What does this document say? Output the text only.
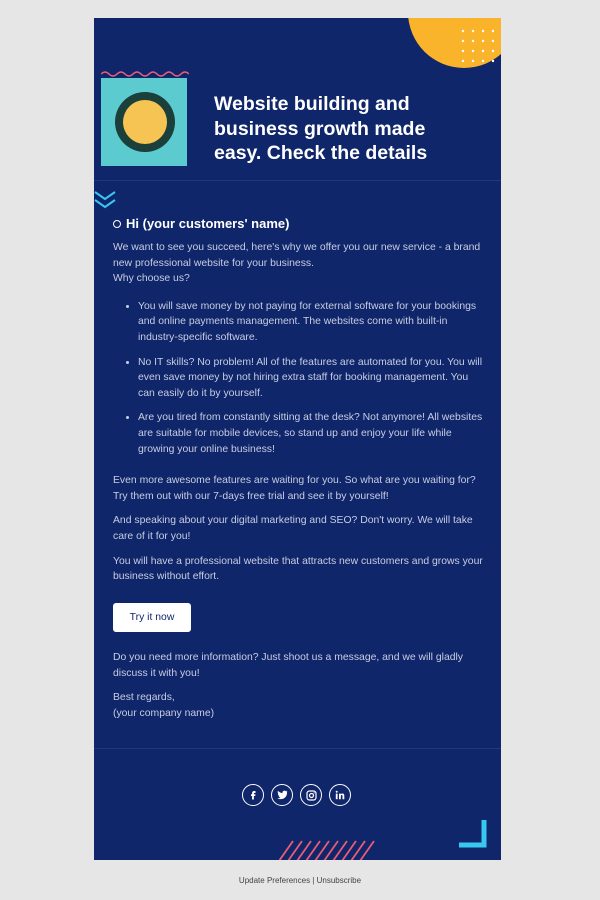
Website building and business growth made easy. Check the details
Hi (your customers' name)

We want to see you succeed, here's why we offer you our new service - a brand new professional website for your business.

Why choose us?

• You will save money by not paying for external software for your bookings and online payments management. The websites come with built-in industry-specific software.
• No IT skills? No problem! All of the features are automated for you. You will even save money by not hiring extra staff for booking management. You can easily do it by yourself.
• Are you tired from constantly sitting at the desk? Not anymore! All websites are suitable for mobile devices, so stand up and enjoy your life while growing your online business!

Even more awesome features are waiting for you. So what are you waiting for? Try them out with our 7-days free trial and see it by yourself!

And speaking about your digital marketing and SEO? Don't worry. We will take care of it for you!

You will have a professional website that attracts new customers and grows your business without effort.

Try it now

Do you need more information? Just shoot us a message, and we will gladly discuss it with you!

Best regards,

(your company name)

Update Preferences | Unsubscribe
